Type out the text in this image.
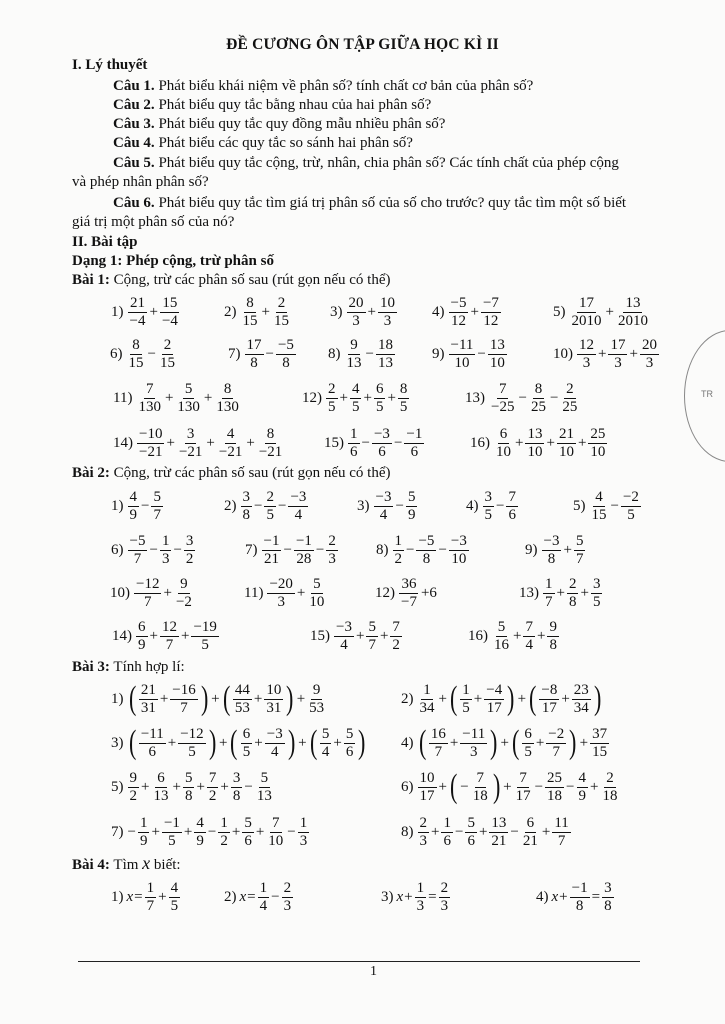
TR
ĐỀ CƯƠNG ÔN TẬP GIỮA HỌC KÌ II
I. Lý thuyết
Câu 1. Phát biểu khái niệm về phân số? tính chất cơ bản của phân số?
Câu 2. Phát biểu quy tắc bằng nhau của hai phân số?
Câu 3. Phát biểu quy tắc quy đồng mẫu nhiều phân số?
Câu 4. Phát biểu các quy tắc so sánh hai phân số?
Câu 5. Phát biểu quy tắc cộng, trừ, nhân, chia phân số? Các tính chất của phép cộng
và phép nhân phân số?
Câu 6. Phát biểu quy tắc tìm giá trị phân số của số cho trước? quy tắc tìm một số biết
giá trị một phân số của nó?
II. Bài tập
Dạng 1: Phép cộng, trừ phân số
Bài 1: Cộng, trừ các phân số sau (rút gọn nếu có thể)
$1) \frac{21}{-4} + \frac{15}{-4}$	$2) \frac{8}{15} + \frac{2}{15}$	$3) \frac{20}{3} + \frac{10}{3} 4) \frac{-5}{12} + \frac{-7}{12}$	$5) \frac{17}{2010} + \frac{13}{2010}$
$6) \frac{8}{15} - \frac{2}{15}$	$7) \frac{17}{8} - \frac{-5}{8} 8) \frac{9}{13} - \frac{18}{13} 9) \frac{-11}{10} - \frac{13}{10}$	$10) \frac{12}{3} + \frac{17}{3} + \frac{20}{3}$
$11) \frac{7}{130} + \frac{5}{130} + \frac{8}{130}$	$12) \frac{2}{5} + \frac{4}{5} + \frac{6}{5} + \frac{8}{5}$	$13) \frac{7}{-25} - \frac{8}{25} - \frac{2}{25}$
$14) \frac{-10}{-21} + \frac{3}{-21} + \frac{4}{-21} + \frac{8}{-21}$	$15) \frac{1}{6} - \frac{-3}{6} - \frac{-1}{6}$	$16) \frac{6}{10} + \frac{13}{10} + \frac{21}{10} + \frac{25}{10}$
Bài 2: Cộng, trừ các phân số sau (rút gọn nếu có thể)
$1) \frac{4}{9} - \frac{5}{7}$	$2) \frac{3}{8} - \frac{2}{5} - \frac{-3}{4}$	$3) \frac{-3}{4} - \frac{5}{9}$	$4) \frac{3}{5} - \frac{7}{6}$	$5) \frac{4}{15} - \frac{-2}{5}$
$6) \frac{-5}{7} - \frac{1}{3} - \frac{3}{2}$	$7) \frac{-1}{21} - \frac{-1}{28} - \frac{2}{3}$	$8) \frac{1}{2} - \frac{-5}{8} - \frac{-3}{10}$	$9) \frac{-3}{8} + \frac{5}{7}$
$10) \frac{-12}{7} + \frac{9}{-2}$	$11) \frac{-20}{3} + \frac{5}{10}$	$12) \frac{36}{-7} +6$	$13) \frac{1}{7} + \frac{2}{8} + \frac{3}{5}$
$14) \frac{6}{9} + \frac{12}{7} + \frac{-19}{5}$	$15) \frac{-3}{4} + \frac{5}{7} + \frac{7}{2}$	$16) \frac{5}{16} + \frac{7}{4} + \frac{9}{8}$
Bài 3: Tính hợp lí:
1) ( $\frac{21}{31} + \frac{-16}{7}$ ) + ( $\frac{44}{53} + \frac{10}{31}$ ) + $\frac{9}{53}$	$2) \frac{1}{34}$ + ( $\frac{1}{5} + \frac{-4}{17}$ ) + ( $\frac{-8}{17} + \frac{23}{34}$ )
3) ( $\frac{-11}{6} + \frac{-12}{5}$ ) + ( $\frac{6}{5} + \frac{-3}{4}$ ) + ( $\frac{5}{4} + \frac{5}{6}$ ) 4) ( $\frac{16}{7} + \frac{-11}{3}$ ) + ( $\frac{6}{5} + \frac{-2}{7}$ ) + $\frac{37}{15}$
$5) \frac{9}{2} + \frac{6}{13} + \frac{5}{8} + \frac{7}{2} + \frac{3}{8} - \frac{5}{13}$	$6) \frac{10}{17}$ + ( − $\frac{7}{18}$ ) + $\frac{7}{17} - \frac{25}{18} - \frac{4}{9} + \frac{2}{18}$
$7) - \frac{1}{9} + \frac{-1}{5} + \frac{4}{9} - \frac{1}{2} + \frac{5}{6} + \frac{7}{10} - \frac{1}{3}$	$8) \frac{2}{3} + \frac{1}{6} - \frac{5}{6} + \frac{13}{21} - \frac{6}{21} + \frac{11}{7}$
Bài 4: Tìm x biết:
1) $x = \frac{1}{7} + \frac{4}{5}$	2) $x = \frac{1}{4} - \frac{2}{3}$	3) $x + \frac{1}{3} = \frac{2}{3}$	4) $x + \frac{-1}{8} = \frac{3}{8}$
1
